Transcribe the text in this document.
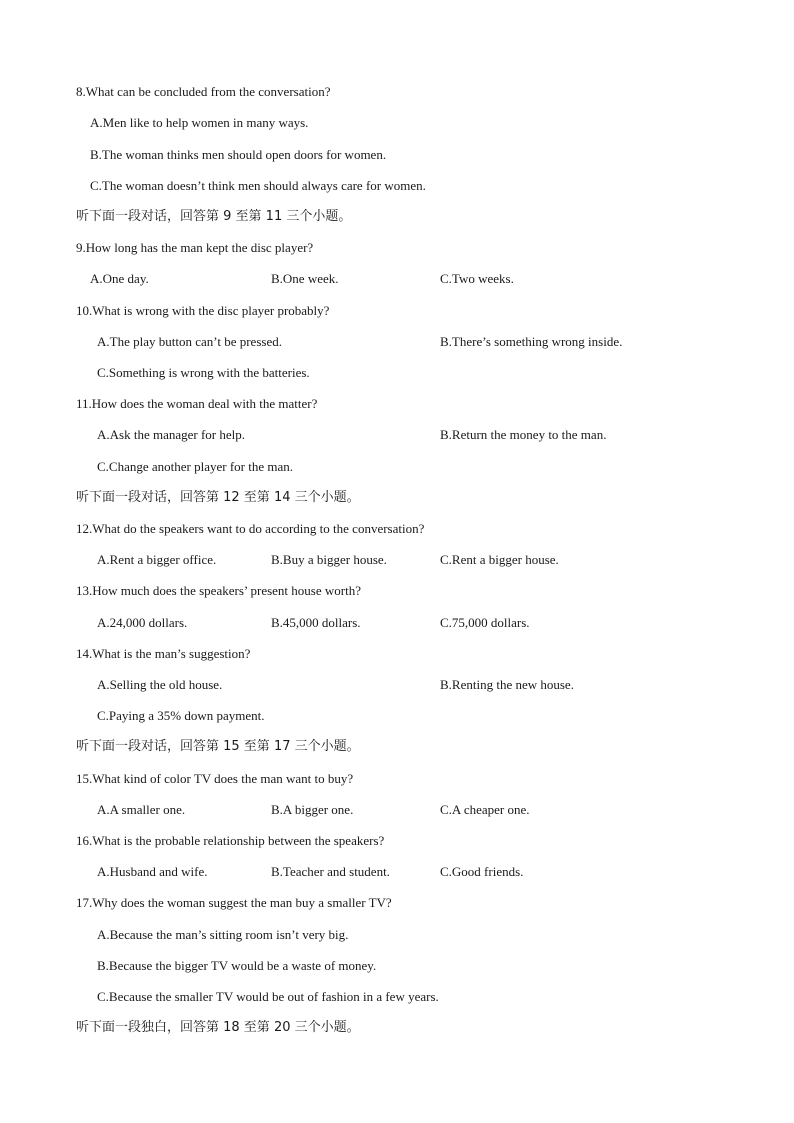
8.What can be concluded from the conversation?
A.Men like to help women in many ways.
B.The woman thinks men should open doors for women.
C.The woman doesn’t think men should always care for women.
听下面一段对话，回答第 9 至第 11 三个小题。
9.How long has the man kept the disc player?
A.One day.	B.One week.	C.Two weeks.
10.What is wrong with the disc player probably?
A.The play button can’t be pressed.	B.There’s something wrong inside.
C.Something is wrong with the batteries.
11.How does the woman deal with the matter?
A.Ask the manager for help.	B.Return the money to the man.
C.Change another player for the man.
听下面一段对话，回答第 12 至第 14 三个小题。
12.What do the speakers want to do according to the conversation?
A.Rent a bigger office.	B.Buy a bigger house.	C.Rent a bigger house.
13.How much does the speakers’ present house worth?
A.24,000 dollars.	B.45,000 dollars.	C.75,000 dollars.
14.What is the man’s suggestion?
A.Selling the old house.	B.Renting the new house.
C.Paying a 35% down payment.
听下面一段对话，回答第 15 至第 17 三个小题。
15.What kind of color TV does the man want to buy?
A.A smaller one.	B.A bigger one.	C.A cheaper one.
16.What is the probable relationship between the speakers?
A.Husband and wife.	B.Teacher and student.	C.Good friends.
17.Why does the woman suggest the man buy a smaller TV?
A.Because the man’s sitting room isn’t very big.
B.Because the bigger TV would be a waste of money.
C.Because the smaller TV would be out of fashion in a few years.
听下面一段独白，回答第 18 至第 20 三个小题。
